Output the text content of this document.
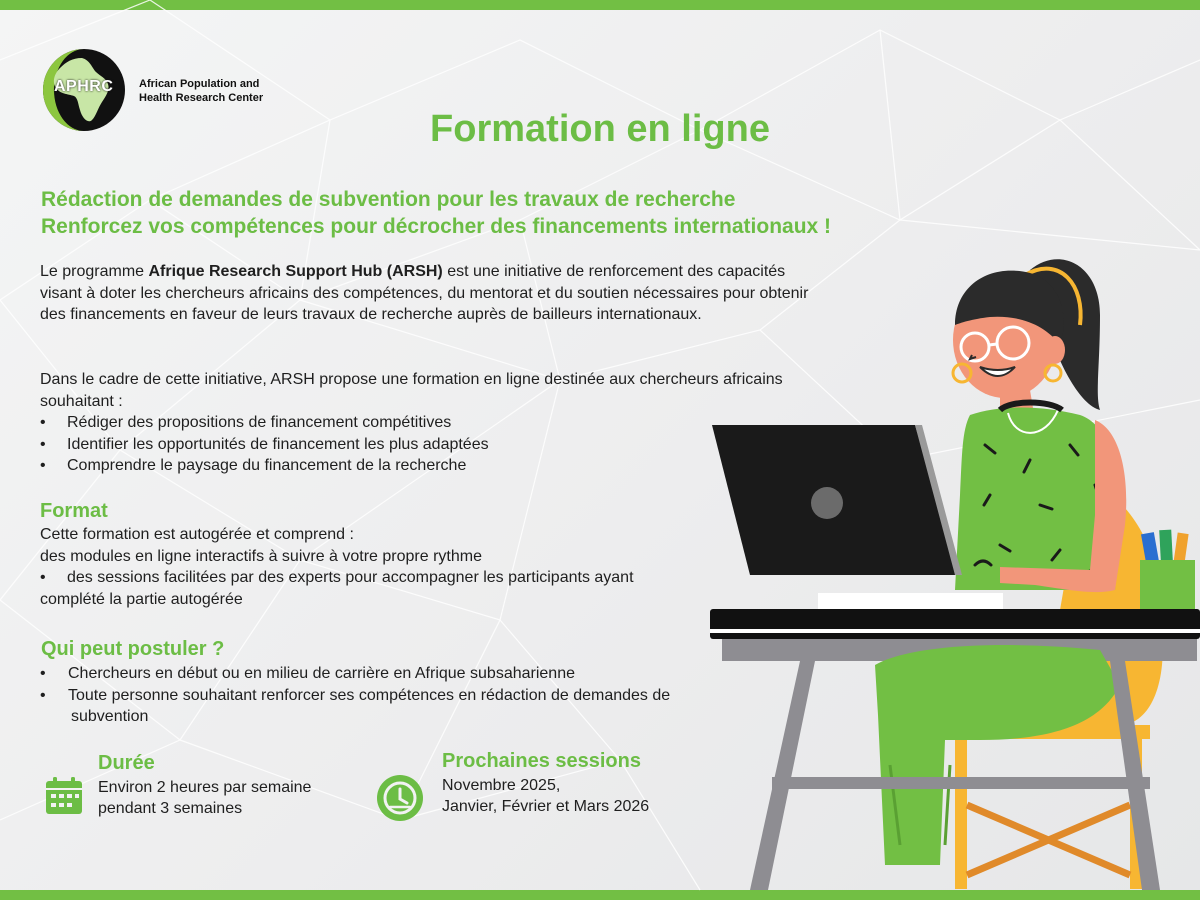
APHRC African Population and
Health Research Center
Formation en ligne
Rédaction de demandes de subvention pour les travaux de recherche
Renforcez vos compétences pour décrocher des financements internationaux !
Le programme Afrique Research Support Hub (ARSH) est une initiative de renforcement des capacités visant à doter les chercheurs africains des compétences, du mentorat et du soutien nécessaires pour obtenir des financements en faveur de leurs travaux de recherche auprès de bailleurs internationaux.
Dans le cadre de cette initiative, ARSH propose une formation en ligne destinée aux chercheurs africains souhaitant :
• Rédiger des propositions de financement compétitives
• Identifier les opportunités de financement les plus adaptées
• Comprendre le paysage du financement de la recherche
Format
Cette formation est autogérée et comprend :
des modules en ligne interactifs à suivre à votre propre rythme
• des sessions facilitées par des experts pour accompagner les participants ayant
complété la partie autogérée
Qui peut postuler ?
• Chercheurs en début ou en milieu de carrière en Afrique subsaharienne
• Toute personne souhaitant renforcer ses compétences en rédaction de demandes de
subvention
Durée
Environ 2 heures par semaine
pendant 3 semaines
Prochaines sessions
Novembre 2025,
Janvier, Février et Mars 2026
